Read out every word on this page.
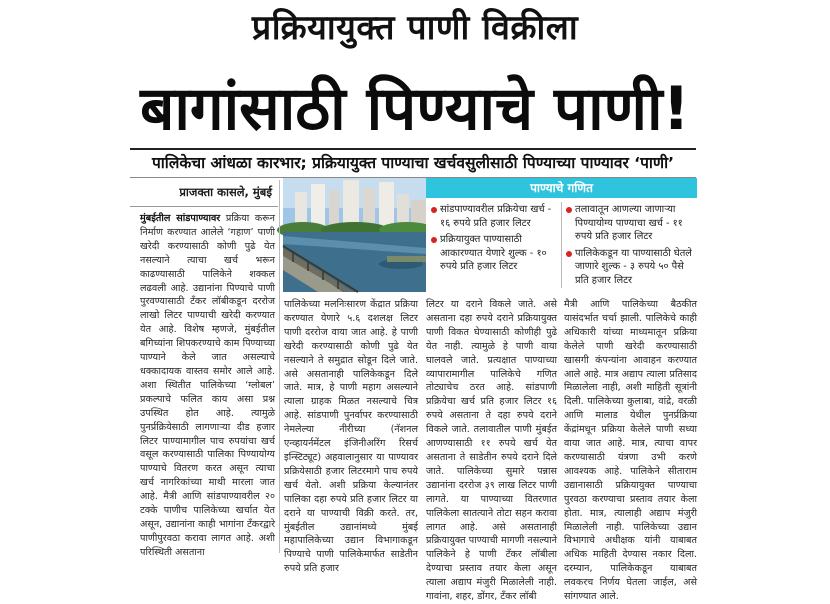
प्रक्रियायुक्त पाणी विक्रीला
बागांसाठी पिण्याचे पाणी!
पालिकेचा आंधळा कारभार; प्रक्रियायुक्त पाण्याचा खर्चवसुलीसाठी पिण्याच्या पाण्यावर ‘पाणी’
प्राजक्ता कासले, मुंबई	पाण्याचे गणित
सांडपाण्यावरील प्रक्रियेचा खर्च - १६ रुपये प्रति हजार लिटर
प्रक्रियायुक्त पाण्यासाठी आकारण्यात येणारे शुल्क - १० रुपये प्रति हजार लिटर
तलावातून आणल्या जाणाऱ्या पिण्यायोग्य पाण्याचा खर्च - ११ रुपये प्रति हजार लिटर
पालिकेकडून या पाण्यासाठी घेतले जाणारे शुल्क - ३ रुपये ५० पैसे प्रति हजार लिटर
मुंबईतील सांडपाण्यावर प्रक्रिया करून निर्माण करण्यात आलेले ‘गहाण’ पाणी खरेदी करण्यासाठी कोणी पुढे येत नसल्याने त्याचा खर्च भरून काढण्यासाठी पालिकेने शक्कल लढवली आहे. उद्यानांना पिण्याचे पाणी पुरवण्यासाठी टँकर लॉबीकडून दररोज लाखो लिटर पाण्याची खरेदी करण्यात येत आहे. विशेष म्हणजे, मुंबईतील बगिच्यांना शिपकरण्याचे काम पिण्याच्या पाण्याने केले जात असल्याचे धक्कादायक वास्तव समोर आले आहे. अशा स्थितीत पालिकेच्या ‘ग्लोबल’ प्रकल्पाचे फलित काय असा प्रश्न उपस्थित होत आहे. त्यामुळे पुनर्प्रक्रियेसाठी लागणाऱ्या दीड हजार लिटर पाण्यामागील पाच रुपयांचा खर्च वसूल करण्यासाठी पालिका पिण्यायोग्य पाण्याचे वितरण करत असून त्याचा खर्च नागरिकांच्या माथी मारला जात आहे. मैत्री आणि सांडपाण्यावरील २० टक्के पाणीच पालिकेच्या खर्चात येत असून, उद्यानांना काही भागांना टँकरद्वारे पाणीपुरवठा करावा लागत आहे. अशी परिस्थिती असताना
पालिकेच्या मलनिःसारण केंद्रात प्रक्रिया करण्यात येणारे ५.६ दशलक्ष लिटर पाणी दररोज वाया जात आहे. हे पाणी खरेदी करण्यासाठी कोणी पुढे येत नसल्याने ते समुद्रात सोडून दिले जाते. असे असतानाही पालिकेकडून दिले जाते. मात्र, हे पाणी महाग असल्याने त्याला ग्राहक मिळत नसल्याचे चित्र आहे. सांडपाणी पुनर्वापर करण्यासाठी नेमलेल्या नीरीच्या (नॅशनल एन्व्हायर्नमेंटल इंजिनीअरिंग रिसर्च इन्स्टिट्यूट) अहवालानुसार या पाण्यावर प्रक्रियेसाठी हजार लिटरमागे पाच रुपये खर्च येतो. अशी प्रक्रिया केल्यानंतर पालिका दहा रुपये प्रति हजार लिटर या दराने या पाण्याची विक्री करते. तर, मुंबईतील उद्यानांमध्ये मुंबई महापालिकेच्या उद्यान विभागाकडून पिण्याचे पाणी पालिकेमार्फत साडेतीन रुपये प्रति हजार
लिटर या दराने विकले जाते. असे असताना दहा रुपये दराने प्रक्रियायुक्त पाणी विकत घेण्यासाठी कोणीही पुढे येत नाही. त्यामुळे हे पाणी वाया घालवले जाते. प्रत्यक्षात पाण्याच्या व्यापारामागील पालिकेचे गणित तोट्याचेच ठरत आहे. सांडपाणी प्रक्रियेचा खर्च प्रति हजार लिटर १६ रुपये असताना ते दहा रुपये दराने विकले जाते. तलावातील पाणी मुंबईत आणण्यासाठी ११ रुपये खर्च येत असताना ते साडेतीन रुपये दराने दिले जाते. पालिकेच्या सुमारे पन्नास उद्यानांना दररोज ३९ लाख लिटर पाणी लागते. या पाण्याच्या वितरणात पालिकेला सातत्याने तोटा सहन करावा लागत आहे. असे असतानाही प्रक्रियायुक्त पाण्याची मागणी नसल्याने पालिकेने हे पाणी टँकर लॉबीला देण्याचा प्रस्ताव तयार केला असून त्याला अद्याप मंजुरी मिळालेली नाही. गावांना, शहर, डोंगर, टँकर लॉबी
मैत्री आणि पालिकेच्या बैठकीत यासंदर्भात चर्चा झाली. पालिकेचे काही अधिकारी यांच्या माध्यमातून प्रक्रिया केलेले पाणी खरेदी करण्यासाठी खासगी कंपन्यांना आवाहन करण्यात आले आहे. मात्र अद्याप त्याला प्रतिसाद मिळालेला नाही, अशी माहिती सूत्रांनी दिली. पालिकेच्या कुलाबा, वांद्रे, वरळी आणि मालाड येथील पुनर्प्रक्रिया केंद्रांमधून प्रक्रिया केलेले पाणी सध्या वाया जात आहे. मात्र, त्याचा वापर करण्यासाठी यंत्रणा उभी करणे आवश्यक आहे. पालिकेने सीताराम उद्यानासाठी प्रक्रियायुक्त पाण्याचा पुरवठा करण्याचा प्रस्ताव तयार केला होता. मात्र, त्यालाही अद्याप मंजुरी मिळालेली नाही. पालिकेच्या उद्यान विभागाचे अधीक्षक यांनी याबाबत अधिक माहिती देण्यास नकार दिला. दरम्यान, पालिकेकडून याबाबत लवकरच निर्णय घेतला जाईल, असे सांगण्यात आले.
